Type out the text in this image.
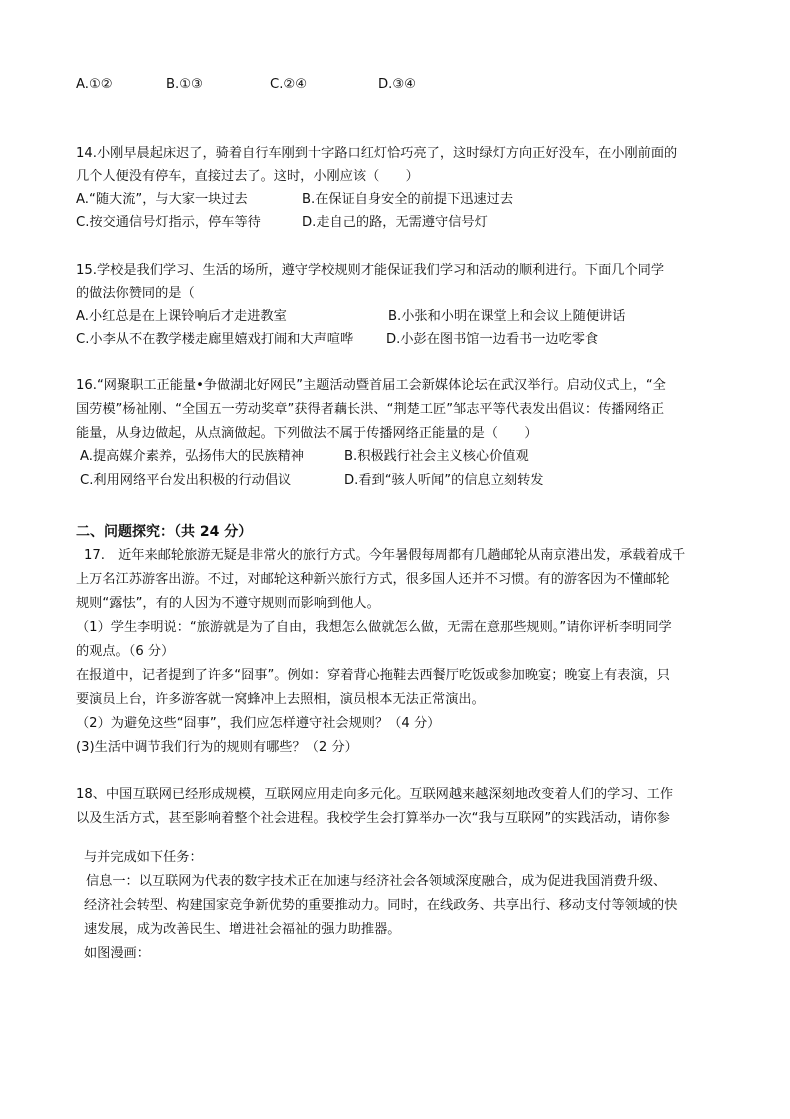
A.①②	B.①③	C.②④	D.③④
14.小刚早晨起床迟了，骑着自行车刚到十字路口红灯恰巧亮了，这时绿灯方向正好没车，在小刚前面的
几个人便没有停车，直接过去了。这时，小刚应该（　　）
A.“随大流”，与大家一块过去	B.在保证自身安全的前提下迅速过去
C.按交通信号灯指示，停车等待	D.走自己的路，无需遵守信号灯
15.学校是我们学习、生活的场所，遵守学校规则才能保证我们学习和活动的顺利进行。下面几个同学
的做法你赞同的是（
A.小红总是在上课铃响后才走进教室	B.小张和小明在课堂上和会议上随便讲话
C.小李从不在教学楼走廊里嬉戏打闹和大声喧哗 D.小彭在图书馆一边看书一边吃零食
16.“网聚职工正能量•争做湖北好网民”主题活动暨首届工会新媒体论坛在武汉举行。启动仪式上，“全
国劳模”杨祉刚、“全国五一劳动奖章”获得者藕长洪、“荆楚工匠”邹志平等代表发出倡议：传播网络正
能量，从身边做起，从点滴做起。下列做法不属于传播网络正能量的是（　　）
A.提高媒介素养，弘扬伟大的民族精神	B.积极践行社会主义核心价值观
C.利用网络平台发出积极的行动倡议	D.看到“骇人听闻”的信息立刻转发
二、问题探究：（共 24 分）
17.　近年来邮轮旅游无疑是非常火的旅行方式。今年暑假每周都有几趟邮轮从南京港出发，承载着成千
上万名江苏游客出游。不过，对邮轮这种新兴旅行方式，很多国人还并不习惯。有的游客因为不懂邮轮
规则“露怯”，有的人因为不遵守规则而影响到他人。
（1）学生李明说：“旅游就是为了自由，我想怎么做就怎么做，无需在意那些规则。”请你评析李明同学
的观点。（6 分）
在报道中，记者提到了许多“囧事”。例如：穿着背心拖鞋去西餐厅吃饭或参加晚宴；晚宴上有表演，只
要演员上台，许多游客就一窝蜂冲上去照相，演员根本无法正常演出。
（2）为避免这些“囧事”，我们应怎样遵守社会规则？（4 分）
(3)生活中调节我们行为的规则有哪些？（2 分）
18、中国互联网已经形成规模，互联网应用走向多元化。互联网越来越深刻地改变着人们的学习、工作
以及生活方式，甚至影响着整个社会进程。我校学生会打算举办一次“我与互联网”的实践活动，请你参
与并完成如下任务：
信息一：以互联网为代表的数字技术正在加速与经济社会各领域深度融合，成为促进我国消费升级、
经济社会转型、构建国家竞争新优势的重要推动力。同时，在线政务、共享出行、移动支付等领域的快
速发展，成为改善民生、增进社会福祉的强力助推器。
如图漫画：
